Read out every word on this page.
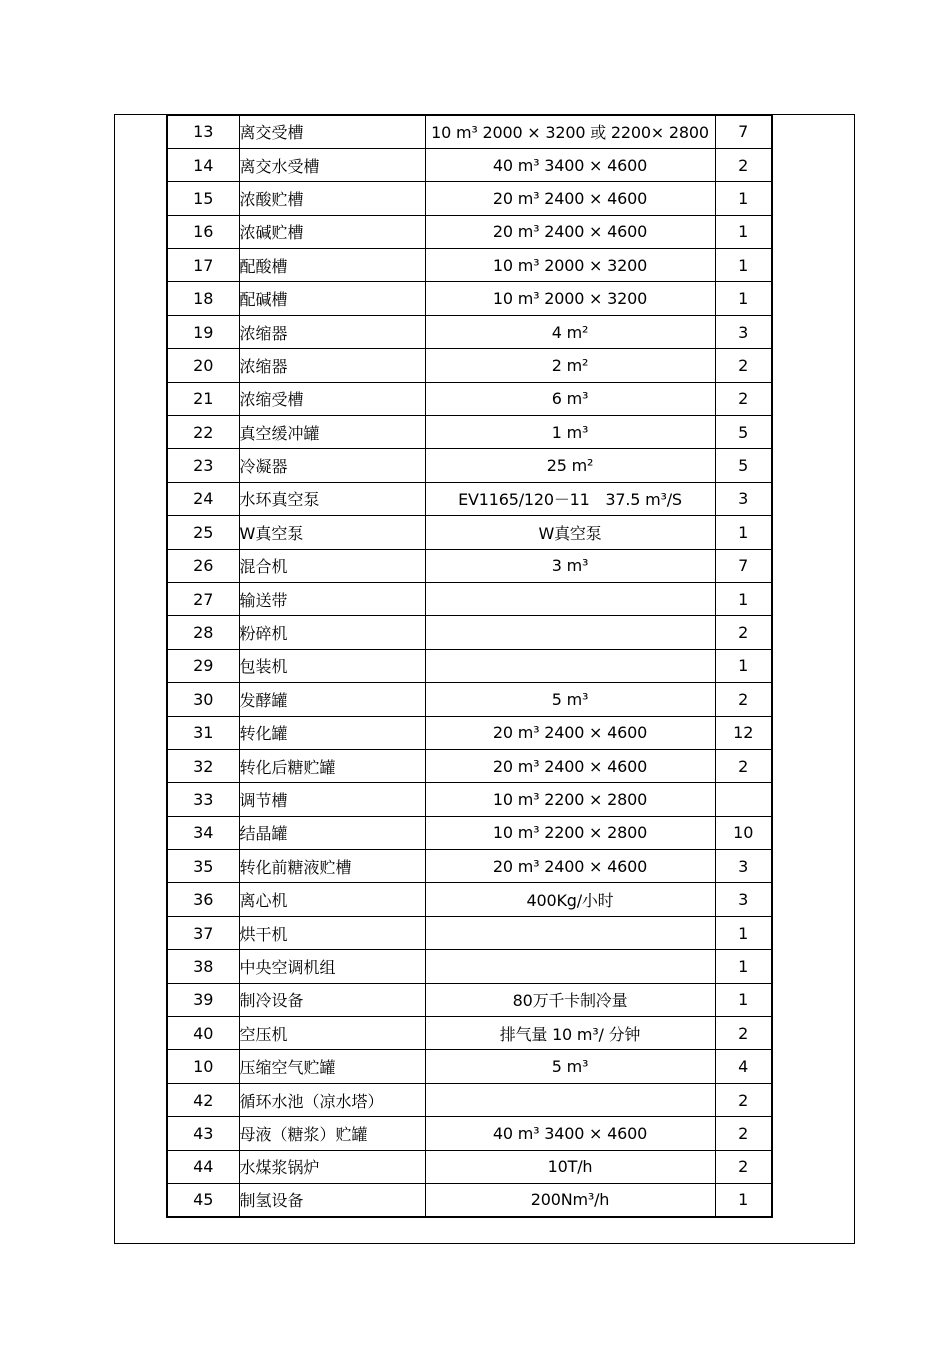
13	离交受槽	10 m³ 2000 × 3200 或 2200× 2800	7
14	离交水受槽	40 m³ 3400 × 4600	2
15	浓酸贮槽	20 m³ 2400 × 4600	1
16	浓碱贮槽	20 m³ 2400 × 4600	1
17	配酸槽	10 m³ 2000 × 3200	1
18	配碱槽	10 m³ 2000 × 3200	1
19	浓缩器	4 m²	3
20	浓缩器	2 m²	2
21	浓缩受槽	6 m³	2
22	真空缓冲罐	1 m³	5
23	冷凝器	25 m²	5
24	水环真空泵	EV1165/120－11　37.5 m³/S	3
25	W真空泵	W真空泵	1
26	混合机	3 m³	7
27	输送带		1
28	粉碎机		2
29	包装机		1
30	发酵罐	5 m³	2
31	转化罐	20 m³ 2400 × 4600	12
32	转化后糖贮罐	20 m³ 2400 × 4600	2
33	调节槽	10 m³ 2200 × 2800	
34	结晶罐	10 m³ 2200 × 2800	10
35	转化前糖液贮槽	20 m³ 2400 × 4600	3
36	离心机	400Kg/小时	3
37	烘干机		1
38	中央空调机组		1
39	制冷设备	80万千卡制冷量	1
40	空压机	排气量 10 m³/ 分钟	2
10	压缩空气贮罐	5 m³	4
42	循环水池（凉水塔）		2
43	母液（糖浆）贮罐	40 m³ 3400 × 4600	2
44	水煤浆锅炉	10T/h	2
45	制氢设备	200Nm³/h	1
